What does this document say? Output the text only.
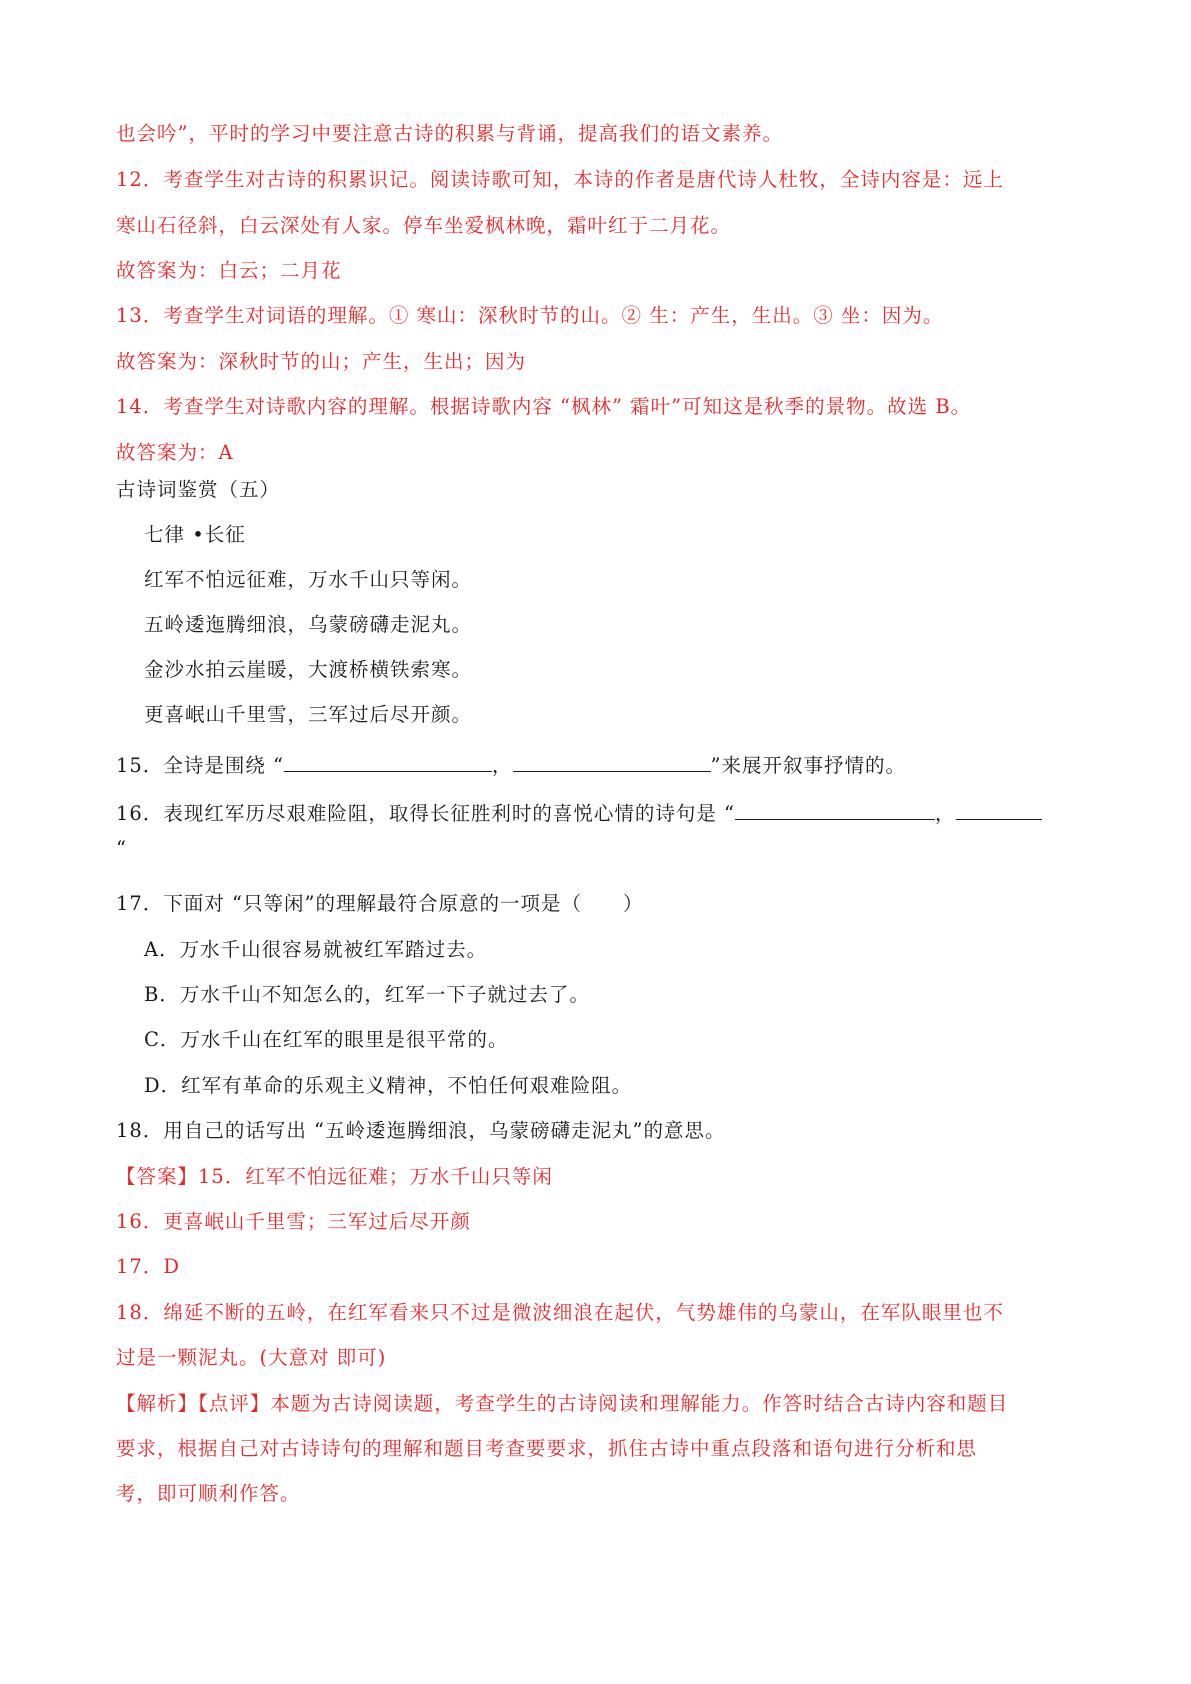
也会吟”，平时的学习中要注意古诗的积累与背诵，提高我们的语文素养。
12．考查学生对古诗的积累识记。阅读诗歌可知，本诗的作者是唐代诗人杜牧，全诗内容是：远上
寒山石径斜，白云深处有人家。停车坐爱枫林晚，霜叶红于二月花。
故答案为：白云；二月花
13．考查学生对词语的理解。① 寒山：深秋时节的山。② 生：产生，生出。③ 坐：因为。
故答案为：深秋时节的山；产生，生出；因为
14．考查学生对诗歌内容的理解。根据诗歌内容 “枫林” 霜叶”可知这是秋季的景物。故选 B。
故答案为：A
古诗词鉴赏（五）
七律 •长征
红军不怕远征难，万水千山只等闲。
五岭逶迤腾细浪，乌蒙磅礴走泥丸。
金沙水拍云崖暖，大渡桥横铁索寒。
更喜岷山千里雪，三军过后尽开颜。
15．全诗是围绕 “	，	”来展开叙事抒情的。
16．表现红军历尽艰难险阻，取得长征胜利时的喜悦心情的诗句是 “	，
“
17．下面对 “只等闲”的理解最符合原意的一项是（　　）
A．万水千山很容易就被红军踏过去。
B．万水千山不知怎么的，红军一下子就过去了。
C．万水千山在红军的眼里是很平常的。
D．红军有革命的乐观主义精神，不怕任何艰难险阻。
18．用自己的话写出 “五岭逶迤腾细浪，乌蒙磅礴走泥丸”的意思。
【答案】15．红军不怕远征难；万水千山只等闲
16．更喜岷山千里雪；三军过后尽开颜
17．D
18．绵延不断的五岭，在红军看来只不过是微波细浪在起伏，气势雄伟的乌蒙山，在军队眼里也不
过是一颗泥丸。(大意对 即可)
【解析】【点评】本题为古诗阅读题，考查学生的古诗阅读和理解能力。作答时结合古诗内容和题目
要求，根据自己对古诗诗句的理解和题目考查要要求，抓住古诗中重点段落和语句进行分析和思
考，即可顺利作答。
